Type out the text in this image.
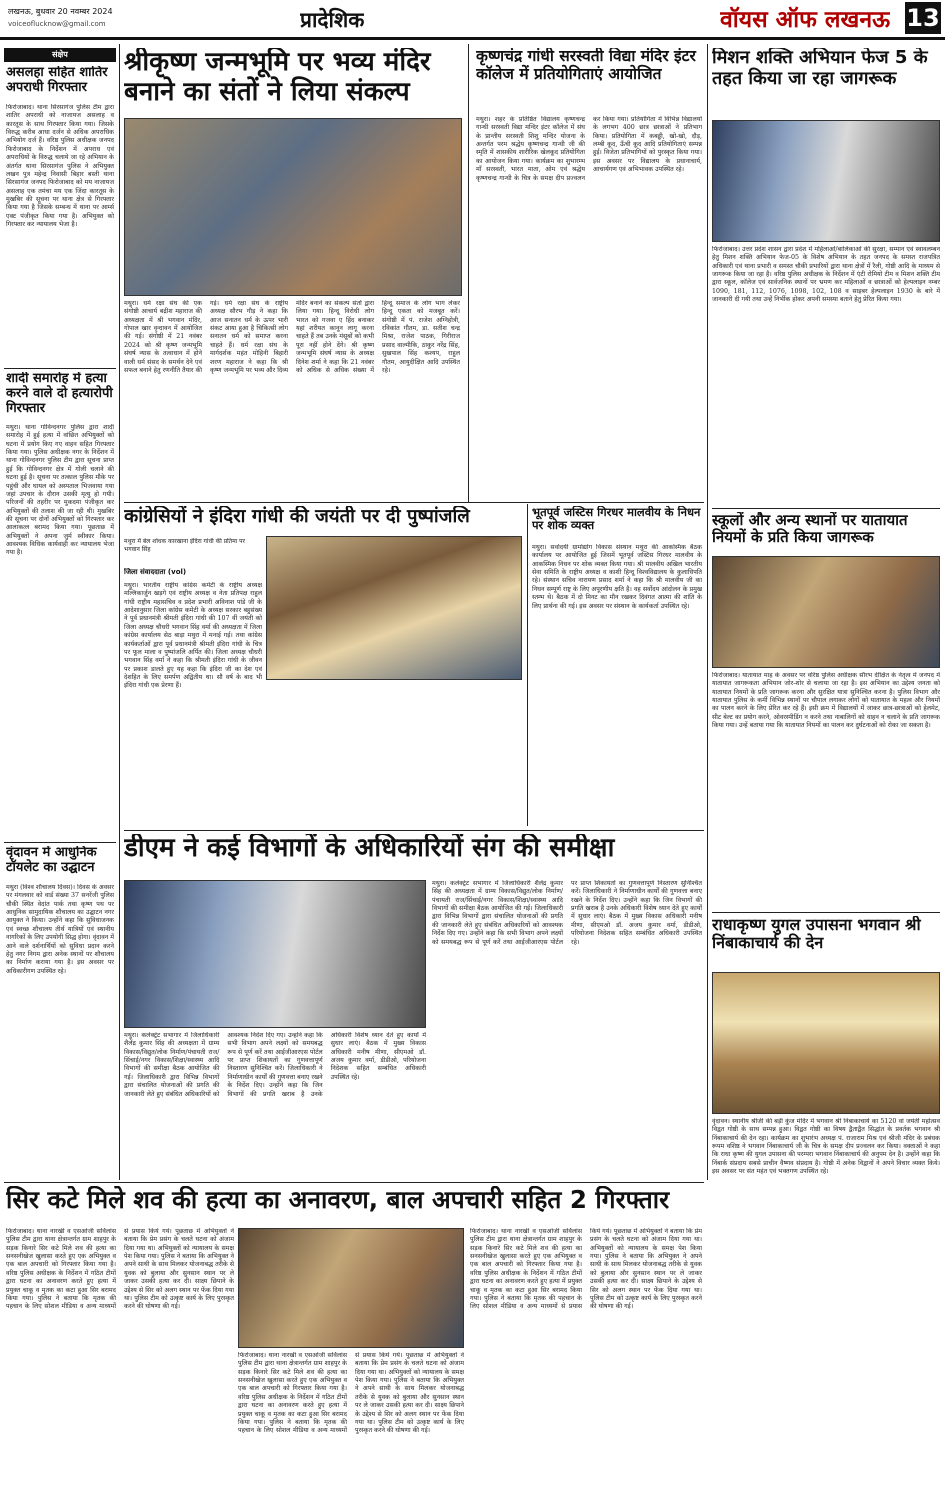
लखनऊ, बुधवार 20 नवम्बर 2024
voiceoflucknow@gmail.com	प्रादेशिक	वॉयस ऑफ लखनऊ 13
संक्षेप
असलहा सहित शातिर अपराधी गिरफ्तार
फिरोजाबाद। थाना सिरसागंज पुलिस टीम द्वारा शातिर अपराधी को नाजायज असलाह व कारतूस के साथ गिरफ्तार किया गया। जिसके विरुद्ध करीब आधा दर्जन से अधिक अपराधिक अभियोग दर्ज हैं। वरिष्ठ पुलिस अधीक्षक जनपद फिरोजाबाद के निर्देशन में अपराध एवं अपराधियों के विरुद्ध चलाये जा रहे अभियान के अंतर्गत थाना सिरसागंज पुलिस ने अभियुक्त लखन पुत्र महेन्द्र निवासी बिहार बस्ती थाना सिरसागंज जनपद फिरोजाबाद को मय नाजायज असलाह एक तमंचा मय एक जिंदा कारतूस के मुखबिर की सूचना पर थाना क्षेत्र से गिरफ्तार किया गया है जिसके सम्बन्ध में थाना पर आर्म्स एक्ट पंजीकृत किया गया है। अभियुक्त को गिरफ्तार कर न्यायालय भेजा है।
शादी समारोह में हत्या करने वाले दो हत्यारोपी गिरफ्तार
मथुरा। थाना गोविन्दनगर पुलिस द्वारा शादी समारोह में हुई हत्या में वांछित अभियुक्तों को घटना में प्रयोग किए गए वाहन सहित गिरफ्तार किया गया। पुलिस अधीक्षक नगर के निर्देशन में थाना गोविन्दनगर पुलिस टीम द्वारा सूचना प्राप्त हुई कि गोविन्दनगर क्षेत्र में गोली चलाने की घटना हुई है। सूचना पर तत्काल पुलिस मौके पर पहुंची और घायल को अस्पताल भिजवाया गया जहां उपचार के दौरान उसकी मृत्यु हो गयी। परिजनों की तहरीर पर मुकदमा पंजीकृत कर अभियुक्तों की तलाश की जा रही थी। मुखबिर की सूचना पर दोनों अभियुक्तों को गिरफ्तार कर आलाकत्ल बरामद किया गया। पूछताछ में अभियुक्तों ने अपना जुर्म स्वीकार किया। आवश्यक विधिक कार्यवाही कर न्यायालय भेजा गया है।
वृंदावन में आधुनिक टॉयलेट का उद्घाटन
मथुरा (विश्व शौचालय दिवस)। दिवस के अवसर पर मंगलवार को वार्ड संख्या 37 सनरेंजी पुलिस चौकी स्थित वेदांत पार्क तथा कृष्ण पथ पर आधुनिक सामुदायिक शौचालय का उद्घाटन नगर आयुक्त ने किया। उन्होंने कहा कि सुविधाजनक एवं स्वच्छ शौचालय तीर्थ यात्रियों एवं स्थानीय नागरिकों के लिए उपयोगी सिद्ध होगा। वृंदावन में आने वाले दर्शनार्थियों को सुविधा प्रदान करने हेतु नगर निगम द्वारा अनेक स्थानों पर शौचालय का निर्माण कराया गया है। इस अवसर पर अधिकारीगण उपस्थित रहे।
श्रीकृष्ण जन्मभूमि पर भव्य मंदिर बनाने का संतों ने लिया संकल्प
मथुरा। धर्म रक्षा संघ की एक संगोष्ठी आचार्य बद्रीश महाराज की अध्यक्षता में श्री भगवान मंदिर, गोपाल खार वृन्दावन में आयोजित की गई। संगोष्ठी में 21 नवंबर 2024 को श्री कृष्ण जन्मभूमि संघर्ष न्यास के तत्वाधान में होने वाली धर्म संसद के समर्थन देने एवं सफल बनाने हेतु रणनीति तैयार की गई। धर्म रक्षा संघ के राष्ट्रीय अध्यक्ष सौरभ गौड़ ने कहा कि आज सनातन धर्म के ऊपर भारी संकट आया हुआ है चिकित्सी लोग सनातन धर्म को समाप्त करना चाहते हैं। धर्म रक्षा संघ के मार्गदर्शक महंत मोहिनी बिहारी शरण महाराज ने कहा कि श्री कृष्ण जन्मभूमि पर भव्य और दिव्य मंदिर बनाने का संकल्प संतों द्वारा लिया गया। हिन्दू विरोधी लोग भारत को गजवा ए हिंद बनाकर यहां शरीयत कानून लागू करना चाहते हैं तब उनके मंसूबों को कभी पूरा नहीं होने देंगे। श्री कृष्ण जन्मभूमि संघर्ष न्यास के अध्यक्ष दिनेश शर्मा ने कहा कि 21 नवंबर को अधिक से अधिक संख्या में हिन्दू समाज के लोग भाग लेकर हिन्दू एकता को मजबूत करें। संगोष्ठी में पं. राजेश अग्निहोत्री, रविकांत गौतम, डा. सतीश चन्द्र मिश्रा, राजेश पाठक, गिरीराज प्रसाद वाल्मीकि, ठाकुर नरेंद्र सिंह, सुखपाल सिंह कश्यप, राहुल गौतम, आयुदीक्षित आदि उपस्थित रहे।
कृष्णचंद्र गांधी सरस्वती विद्या मंदिर इंटर कॉलेज में प्रतियोगिताएं आयोजित
मथुरा। शहर के प्रतिष्ठित विद्यालय कृष्णचन्द्र गान्धी सरस्वती विद्या मन्दिर इंटर कॉलेज में संघ के प्रान्तीय सरस्वती शिशु मन्दिर योजना के अन्तर्गत परम श्रद्धेय कृष्णचन्द्र गान्धी जी की स्मृति में शासकीय शारीरिक खेलकूद प्रतियोगिता का आयोजन किया गया। कार्यक्रम का शुभारम्भ माँ सरस्वती, भारत माता, ओम एवं श्रद्धेय कृष्णचन्द्र गान्धी के चित्र के समक्ष दीप प्रज्वलन कर किया गया। प्रतियोगिता में विभिन्न विद्यालयों के लगभग 400 छात्र छात्राओं ने प्रतिभाग किया। प्रतियोगिता में कबड्डी, खो-खो, दौड़, लम्बी कूद, ऊँची कूद आदि प्रतियोगिताएं सम्पन्न हुई। विजेता प्रतिभागियों को पुरस्कृत किया गया। इस अवसर पर विद्यालय के प्रधानाचार्य, आचार्यगण एवं अभिभावक उपस्थित रहे।
मिशन शक्ति अभियान फेज 5 के तहत किया जा रहा जागरूक
फिरोजाबाद। उत्तर प्रदेश शासन द्वारा प्रदेश में महिलाओं/बालिकाओं की सुरक्षा, सम्मान एवं स्वावलम्बन हेतु मिशन शक्ति अभियान फेज-05 के विशेष अभियान के तहत जनपद के समस्त राजपत्रित अधिकारी एवं थाना प्रभारी व समस्त चौकी प्रभारियों द्वारा थाना क्षेत्रों में रैली, गोष्ठी आदि के माध्यम से जागरूक किया जा रहा है। वरिष्ठ पुलिस अधीक्षक के निर्देशन में एंटी रोमियो टीम व मिशन शक्ति टीम द्वारा स्कूल, कॉलेज एवं सार्वजनिक स्थानों पर भ्रमण कर महिलाओं व छात्राओं को हेल्पलाइन नम्बर 1090, 181, 112, 1076, 1098, 102, 108 व साइबर हेल्पलाइन 1930 के बारे में जानकारी दी गयी तथा उन्हें निर्भीक होकर अपनी समस्या बताने हेतु प्रेरित किया गया।
कांग्रेसियों ने इंदिरा गांधी की जयंती पर दी पुष्पांजलि
मथुरा में बेल शोधक कारखाना इंदिरा गांधी की प्रतिमा पर भगवान सिंह
जिला संवाददाता (vol)
मथुरा। भारतीय राष्ट्रीय कांग्रेस कमेटी के राष्ट्रीय अध्यक्ष मल्लिकार्जुन खड़गे एवं राष्ट्रीय अध्यक्ष व नेता प्रतिपक्ष राहुल गांधी राष्ट्रीय महासचिव व प्रदेश प्रभारी अविनाश पांडे जी के आदेशानुसार जिला कांग्रेस कमेटी के अध्यक्ष सरकार बहुसंख्य ने पूर्व प्रधानमंत्री श्रीमती इंदिरा गांधी की 107 वीं जयंती को जिला अध्यक्ष चौधरी भगवान सिंह वर्मा की अध्यक्षता में जिला कांग्रेस कार्यालय सेठ बाड़ा मथुरा में मनाई गई। तथा कांग्रेस कार्यकर्ताओं द्वारा पूर्व प्रधानमंत्री श्रीमती इंदिरा गांधी के चित्र पर फूल माला व पुष्पांजलि अर्पित की। जिला अध्यक्ष चौधरी भगवान सिंह वर्मा ने कहा कि श्रीमती इंदिरा गांधी के जीवन पर प्रकाश डालते हुए यह कहा कि इंदिरा जी का देश एवं देशहित के लिए समर्पण अद्वितीय था। सौ वर्ष के बाद भी इंदिरा गांधी एक प्रेरणा हैं।
भूतपूर्व जस्टिस गिरधर मालवीय के निधन पर शोक व्यक्त
मथुरा। सर्वोदयी ग्रामोद्योग विकास संस्थान मथुरा की आकस्मिक बैठक कार्यालय पर आयोजित हुई जिसमें भूतपूर्व जस्टिस गिरधर मालवीय के आकस्मिक निधन पर शोक व्यक्त किया गया। श्री मालवीय अखिल भारतीय सेवा समिति के राष्ट्रीय अध्यक्ष व काशी हिन्दू विश्वविद्यालय के कुलाधिपति रहे। संस्थान सचिव नारायण प्रसाद शर्मा ने कहा कि श्री मालवीय जी का निधन सम्पूर्ण राष्ट्र के लिए अपूरणीय क्षति है। वह सर्वोदय आंदोलन के प्रमुख स्तम्भ थे। बैठक में दो मिनट का मौन रखकर दिवंगत आत्मा की शांति के लिए प्रार्थना की गई। इस अवसर पर संस्थान के कार्यकर्ता उपस्थित रहे।
स्कूलों और अन्य स्थानों पर यातायात नियमों के प्रति किया जागरूक
फिरोजाबाद। यातायात माह के अवसर पर वरिष्ठ पुलिस अधीक्षक सौरभ दीक्षित के नेतृत्व में जनपद में यातायात जागरूकता अभियान जोर-शोर से चलाया जा रहा है। इस अभियान का उद्देश्य जनता को यातायात नियमों के प्रति जागरूक करना और सुरक्षित यात्रा सुनिश्चित करना है। पुलिस विभाग और यातायात पुलिस के कर्मी विभिन्न स्थानों पर चौपाल लगाकर लोगों को यातायात के महत्व और नियमों का पालन करने के लिए प्रेरित कर रहे हैं। इसी क्रम में विद्यालयों में जाकर छात्र-छात्राओं को हेलमेट, सीट बेल्ट का प्रयोग करने, ओवरस्पीडिंग न करने तथा नाबालिगों को वाहन न चलाने के प्रति जागरूक किया गया। उन्हें बताया गया कि यातायात नियमों का पालन कर दुर्घटनाओं को रोका जा सकता है।
डीएम ने कई विभागों के अधिकारियों संग की समीक्षा
मथुरा। कलेक्ट्रेट सभागार में जिलाधिकारी शैलेंद्र कुमार सिंह की अध्यक्षता में ग्राम्य विकास/विद्युत/लोक निर्माण/पंचायती राज/सिंचाई/नगर विकास/शिक्षा/स्वास्थ्य आदि विभागों की समीक्षा बैठक आयोजित की गई। जिलाधिकारी द्वारा विभिन्न विभागों द्वारा संचालित योजनाओं की प्रगति की जानकारी लेते हुए संबंधित अधिकारियों को आवश्यक निर्देश दिए गए। उन्होंने कहा कि सभी विभाग अपने लक्ष्यों को समयबद्ध रूप से पूर्ण करें तथा आईजीआरएस पोर्टल पर प्राप्त शिकायतों का गुणवत्तापूर्ण निस्तारण सुनिश्चित करें। जिलाधिकारी ने निर्माणाधीन कार्यों की गुणवत्ता बनाए रखने के निर्देश दिए। उन्होंने कहा कि जिन विभागों की प्रगति खराब है उनके अधिकारी विशेष ध्यान देते हुए कार्यों में सुधार लाएं। बैठक में मुख्य विकास अधिकारी मनीष मीणा, सीएमओ डॉ. अजय कुमार वर्मा, डीडीओ, परियोजना निदेशक सहित सम्बंधित अधिकारी उपस्थित रहे।
मथुरा। कलेक्ट्रेट सभागार में जिलाधिकारी शैलेंद्र कुमार सिंह की अध्यक्षता में ग्राम्य विकास/विद्युत/लोक निर्माण/पंचायती राज/सिंचाई/नगर विकास/शिक्षा/स्वास्थ्य आदि विभागों की समीक्षा बैठक आयोजित की गई। जिलाधिकारी द्वारा विभिन्न विभागों द्वारा संचालित योजनाओं की प्रगति की जानकारी लेते हुए संबंधित अधिकारियों को आवश्यक निर्देश दिए गए। उन्होंने कहा कि सभी विभाग अपने लक्ष्यों को समयबद्ध रूप से पूर्ण करें तथा आईजीआरएस पोर्टल पर प्राप्त शिकायतों का गुणवत्तापूर्ण निस्तारण सुनिश्चित करें। जिलाधिकारी ने निर्माणाधीन कार्यों की गुणवत्ता बनाए रखने के निर्देश दिए। उन्होंने कहा कि जिन विभागों की प्रगति खराब है उनके अधिकारी विशेष ध्यान देते हुए कार्यों में सुधार लाएं। बैठक में मुख्य विकास अधिकारी मनीष मीणा, सीएमओ डॉ. अजय कुमार वर्मा, डीडीओ, परियोजना निदेशक सहित सम्बंधित अधिकारी उपस्थित रहे।
राधाकृष्ण युगल उपासना भगवान श्री निंबाकाचार्य की देन
वृंदावन। स्थानीय श्रीजी की बड़ी कुंज मंदिर में भगवान श्री निंबाकाचार्य का 5120 वां जयंती महोत्सव विद्वत गोष्ठी के साथ सम्पन्न हुआ। विद्वत गोष्ठी का विषय द्वैताद्वैत सिद्धांत के प्रवर्तक भगवान श्री निंबाकाचार्य की देन रहा। कार्यक्रम का शुभारंभ अध्यक्ष पं. राजाराम मिश्र एवं श्रीजी मंदिर के प्रबंधक रूपम वशिष्ठ ने भगवान निंबाकाचार्य जी के चित्र के समक्ष दीप प्रज्वलन कर किया। वक्ताओं ने कहा कि राधा कृष्ण की युगल उपासना की परम्परा भगवान निंबाकाचार्य की अनुपम देन है। उन्होंने कहा कि निंबार्क संप्रदाय सबसे प्राचीन वैष्णव संप्रदाय है। गोष्ठी में अनेक विद्वानों ने अपने विचार व्यक्त किये। इस अवसर पर संत महंत एवं भक्तगण उपस्थित रहे।
सिर कटे मिले शव की हत्या का अनावरण, बाल अपचारी सहित 2 गिरफ्तार
फिरोजाबाद। थाना नारखी व एसओजी सर्विलांस पुलिस टीम द्वारा थाना क्षेत्रान्तर्गत ग्राम शाहपुर के सड़क किनारे सिर कटे मिले शव की हत्या का सनसनीखेज खुलासा करते हुए एक अभियुक्त व एक बाल अपचारी को गिरफ्तार किया गया है। वरिष्ठ पुलिस अधीक्षक के निर्देशन में गठित टीमों द्वारा घटना का अनावरण करते हुए हत्या में प्रयुक्त चाकू व मृतक का कटा हुआ सिर बरामद किया गया। पुलिस ने बताया कि मृतक की पहचान के लिए सोशल मीडिया व अन्य माध्यमों से प्रयास किये गये। पूछताछ में अभियुक्तों ने बताया कि प्रेम प्रसंग के चलते घटना को अंजाम दिया गया था। अभियुक्तों को न्यायालय के समक्ष पेश किया गया। पुलिस ने बताया कि अभियुक्त ने अपने साथी के साथ मिलकर योजनाबद्ध तरीके से युवक को बुलाया और सुनसान स्थान पर ले जाकर उसकी हत्या कर दी। साक्ष्य छिपाने के उद्देश्य से सिर को अलग स्थान पर फेंक दिया गया था। पुलिस टीम को उत्कृष्ट कार्य के लिए पुरस्कृत करने की घोषणा की गई।
फिरोजाबाद। थाना नारखी व एसओजी सर्विलांस पुलिस टीम द्वारा थाना क्षेत्रान्तर्गत ग्राम शाहपुर के सड़क किनारे सिर कटे मिले शव की हत्या का सनसनीखेज खुलासा करते हुए एक अभियुक्त व एक बाल अपचारी को गिरफ्तार किया गया है। वरिष्ठ पुलिस अधीक्षक के निर्देशन में गठित टीमों द्वारा घटना का अनावरण करते हुए हत्या में प्रयुक्त चाकू व मृतक का कटा हुआ सिर बरामद किया गया। पुलिस ने बताया कि मृतक की पहचान के लिए सोशल मीडिया व अन्य माध्यमों से प्रयास किये गये। पूछताछ में अभियुक्तों ने बताया कि प्रेम प्रसंग के चलते घटना को अंजाम दिया गया था। अभियुक्तों को न्यायालय के समक्ष पेश किया गया। पुलिस ने बताया कि अभियुक्त ने अपने साथी के साथ मिलकर योजनाबद्ध तरीके से युवक को बुलाया और सुनसान स्थान पर ले जाकर उसकी हत्या कर दी। साक्ष्य छिपाने के उद्देश्य से सिर को अलग स्थान पर फेंक दिया गया था। पुलिस टीम को उत्कृष्ट कार्य के लिए पुरस्कृत करने की घोषणा की गई।
फिरोजाबाद। थाना नारखी व एसओजी सर्विलांस पुलिस टीम द्वारा थाना क्षेत्रान्तर्गत ग्राम शाहपुर के सड़क किनारे सिर कटे मिले शव की हत्या का सनसनीखेज खुलासा करते हुए एक अभियुक्त व एक बाल अपचारी को गिरफ्तार किया गया है। वरिष्ठ पुलिस अधीक्षक के निर्देशन में गठित टीमों द्वारा घटना का अनावरण करते हुए हत्या में प्रयुक्त चाकू व मृतक का कटा हुआ सिर बरामद किया गया। पुलिस ने बताया कि मृतक की पहचान के लिए सोशल मीडिया व अन्य माध्यमों से प्रयास किये गये। पूछताछ में अभियुक्तों ने बताया कि प्रेम प्रसंग के चलते घटना को अंजाम दिया गया था। अभियुक्तों को न्यायालय के समक्ष पेश किया गया। पुलिस ने बताया कि अभियुक्त ने अपने साथी के साथ मिलकर योजनाबद्ध तरीके से युवक को बुलाया और सुनसान स्थान पर ले जाकर उसकी हत्या कर दी। साक्ष्य छिपाने के उद्देश्य से सिर को अलग स्थान पर फेंक दिया गया था। पुलिस टीम को उत्कृष्ट कार्य के लिए पुरस्कृत करने की घोषणा की गई।
